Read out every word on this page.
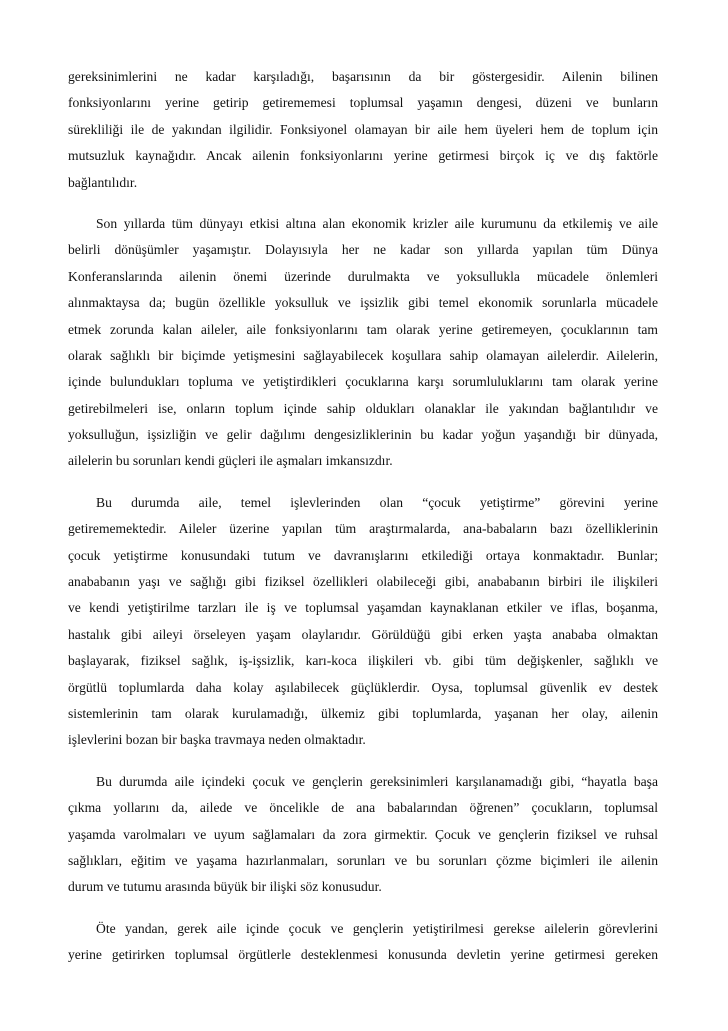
gereksinimlerini ne kadar karşıladığı, başarısının da bir göstergesidir. Ailenin bilinen
fonksiyonlarını yerine getirip getirememesi toplumsal yaşamın dengesi, düzeni ve bunların
sürekliliği ile de yakından ilgilidir. Fonksiyonel olamayan bir aile hem üyeleri hem de toplum için
mutsuzluk kaynağıdır. Ancak ailenin fonksiyonlarını yerine getirmesi birçok iç ve dış faktörle
bağlantılıdır.
Son yıllarda tüm dünyayı etkisi altına alan ekonomik krizler aile kurumunu da etkilemiş ve aile
belirli dönüşümler yaşamıştır. Dolayısıyla her ne kadar son yıllarda yapılan tüm Dünya
Konferanslarında ailenin önemi üzerinde durulmakta ve yoksullukla mücadele önlemleri
alınmaktaysa da; bugün özellikle yoksulluk ve işsizlik gibi temel ekonomik sorunlarla mücadele
etmek zorunda kalan aileler, aile fonksiyonlarını tam olarak yerine getiremeyen, çocuklarının tam
olarak sağlıklı bir biçimde yetişmesini sağlayabilecek koşullara sahip olamayan ailelerdir. Ailelerin,
içinde bulundukları topluma ve yetiştirdikleri çocuklarına karşı sorumluluklarını tam olarak yerine
getirebilmeleri ise, onların toplum içinde sahip oldukları olanaklar ile yakından bağlantılıdır ve
yoksulluğun, işsizliğin ve gelir dağılımı dengesizliklerinin bu kadar yoğun yaşandığı bir dünyada,
ailelerin bu sorunları kendi güçleri ile aşmaları imkansızdır.
Bu durumda aile, temel işlevlerinden olan “çocuk yetiştirme” görevini yerine
getirememektedir. Aileler üzerine yapılan tüm araştırmalarda, ana-babaların bazı özelliklerinin
çocuk yetiştirme konusundaki tutum ve davranışlarını etkilediği ortaya konmaktadır. Bunlar;
anababanın yaşı ve sağlığı gibi fiziksel özellikleri olabileceği gibi, anababanın birbiri ile ilişkileri
ve kendi yetiştirilme tarzları ile iş ve toplumsal yaşamdan kaynaklanan etkiler ve iflas, boşanma,
hastalık gibi aileyi örseleyen yaşam olaylarıdır. Görüldüğü gibi erken yaşta anababa olmaktan
başlayarak, fiziksel sağlık, iş-işsizlik, karı-koca ilişkileri vb. gibi tüm değişkenler, sağlıklı ve
örgütlü toplumlarda daha kolay aşılabilecek güçlüklerdir. Oysa, toplumsal güvenlik ev destek
sistemlerinin tam olarak kurulamadığı, ülkemiz gibi toplumlarda, yaşanan her olay, ailenin
işlevlerini bozan bir başka travmaya neden olmaktadır.
Bu durumda aile içindeki çocuk ve gençlerin gereksinimleri karşılanamadığı gibi, “hayatla başa
çıkma yollarını da, ailede ve öncelikle de ana babalarından öğrenen” çocukların, toplumsal
yaşamda varolmaları ve uyum sağlamaları da zora girmektir. Çocuk ve gençlerin fiziksel ve ruhsal
sağlıkları, eğitim ve yaşama hazırlanmaları, sorunları ve bu sorunları çözme biçimleri ile ailenin
durum ve tutumu arasında büyük bir ilişki söz konusudur.
Öte yandan, gerek aile içinde çocuk ve gençlerin yetiştirilmesi gerekse ailelerin görevlerini
yerine getirirken toplumsal örgütlerle desteklenmesi konusunda devletin yerine getirmesi gereken
